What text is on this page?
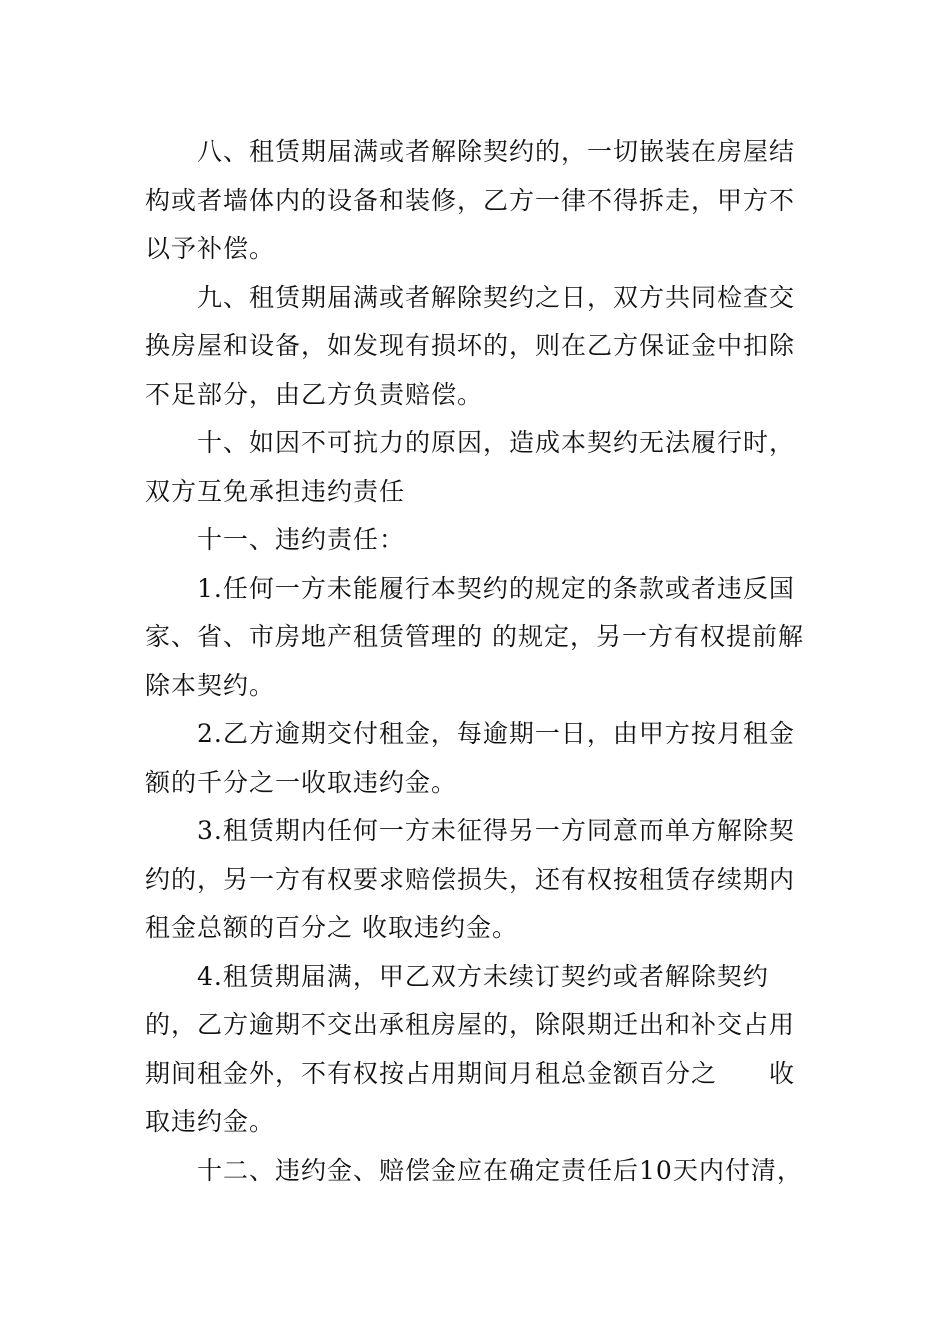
八、租赁期届满或者解除契约的，一切嵌装在房屋结构或者墙体内的设备和装修，乙方一律不得拆走，甲方不以予补偿。

九、租赁期届满或者解除契约之日，双方共同检查交换房屋和设备，如发现有损坏的，则在乙方保证金中扣除不足部分，由乙方负责赔偿。

十、如因不可抗力的原因，造成本契约无法履行时，双方互免承担违约责任

十一、违约责任：

1.任何一方未能履行本契约的规定的条款或者违反国家、省、市房地产租赁管理的 的规定，另一方有权提前解除本契约。

2.乙方逾期交付租金，每逾期一日，由甲方按月租金额的千分之一收取违约金。

3.租赁期内任何一方未征得另一方同意而单方解除契约的，另一方有权要求赔偿损失，还有权按租赁存续期内租金总额的百分之 收取违约金。

4.租赁期届满，甲乙双方未续订契约或者解除契约的，乙方逾期不交出承租房屋的，除限期迁出和补交占用期间租金外，不有权按占用期间月租总金额百分之　　收取违约金。

十二、违约金、赔偿金应在确定责任后10天内付清，
